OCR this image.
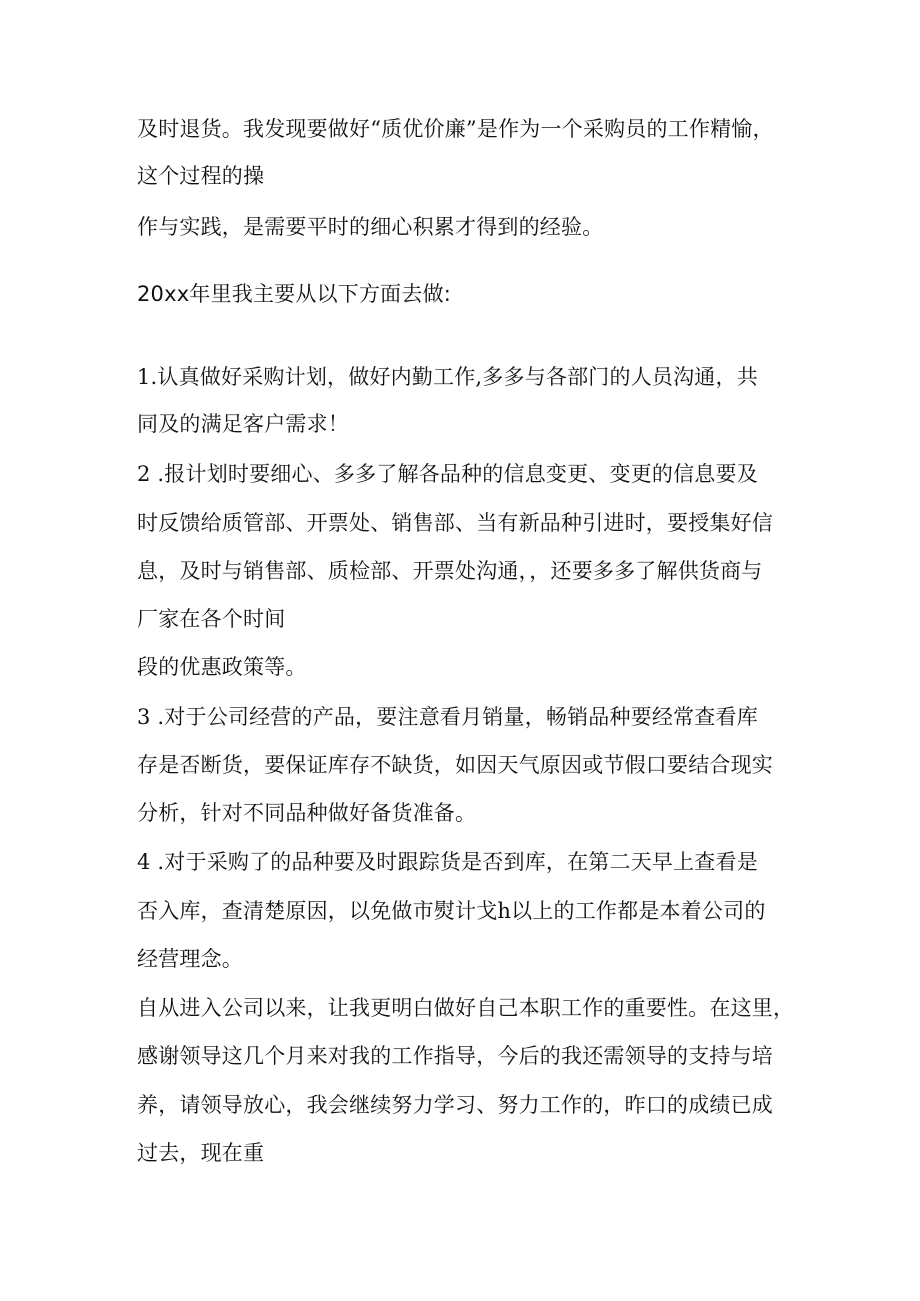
及时退货。我发现要做好“质优价廉”是作为一个采购员的工作精愉，
这个过程的操
作与实践，是需要平时的细心积累才得到的经验。
20xx年里我主要从以下方面去做:
1.认真做好采购计划，做好内勤工作,多多与各部门的人员沟通，共
同及的满足客户需求！
2 .报计划时要细心、多多了解各品种的信息变更、变更的信息要及
时反馈给质管部、开票处、销售部、当有新品种引进时，要授集好信
息，及时与销售部、质检部、开票处沟通，，还要多多了解供货商与
厂家在各个时间
段的优惠政策等。
3 .对于公司经营的产品，要注意看月销量，畅销品种要经常查看库
存是否断货，要保证库存不缺货，如因天气原因或节假口要结合现实
分析，针对不同品种做好备货准备。
4 .对于采购了的品种要及时跟踪货是否到库，在第二天早上查看是
否入库，查清楚原因，以免做市熨计戈h以上的工作都是本着公司的
经营理念。
自从进入公司以来，让我更明白做好自己本职工作的重要性。在这里，
感谢领导这几个月来对我的工作指导，今后的我还需领导的支持与培
养，请领导放心，我会继续努力学习、努力工作的，昨口的成绩已成
过去，现在重
